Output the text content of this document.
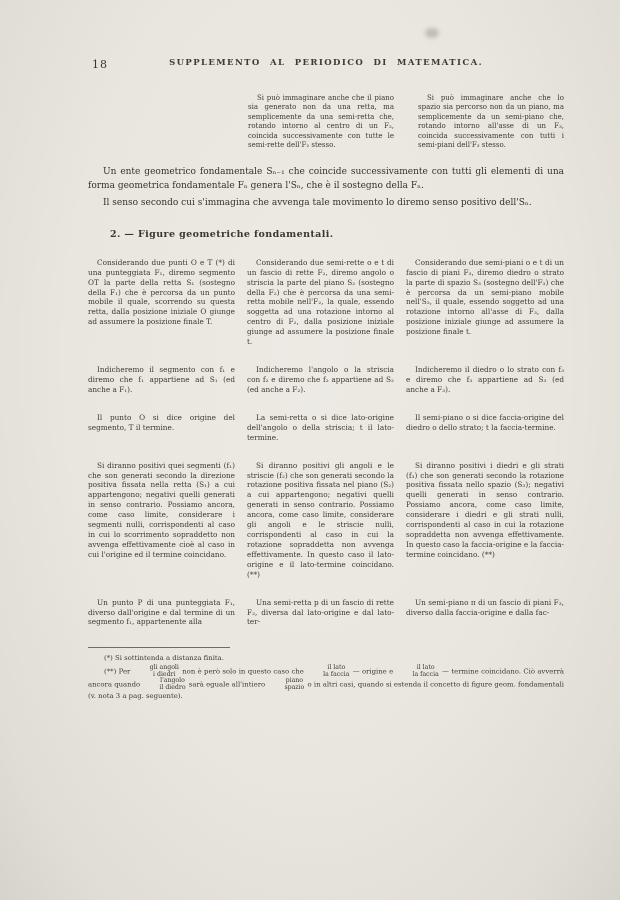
18	SUPPLEMENTO AL PERIODICO DI MATEMATICA.
Si può immaginare anche che il piano sia generato non da una retta, ma semplicemente da una semi-retta che, rotando intorno al centro di un F₂, coincida successivamente con tutte le semi-rette dell'F₂ stesso.
Si può immaginare anche che lo spazio sia percorso non da un piano, ma semplicemente da un semi-piano che, rotando intorno all'asse di un F₃, coincida successivamente con tutti i semi-piani dell'F₃ stesso.

Un ente geometrico fondamentale Sₙ₋₁ che coincide successivamente con tutti gli elementi di una forma geometrica fondamentale Fₙ genera l'Sₙ, che è il sostegno della Fₙ.

Il senso secondo cui s'immagina che avvenga tale movimento lo diremo senso positivo dell'Sₙ.

2. — Figure geometriche fondamentali.
Considerando due punti O e T (*) di una punteggiata F₁, diremo segmento OT la parte della retta S₁ (sostegno della F₁) che è percorsa da un punto mobile il quale, scorrendo su questa retta, dalla posizione iniziale O giunge ad assumere la posizione finale T.
Considerando due semi-rette o e t di un fascio di rette F₂, diremo angolo o striscia la parte del piano S₂ (sostegno della F₂) che è percorsa da una semi-retta mobile nell'F₂, la quale, essendo soggetta ad una rotazione intorno al centro di F₂, dalla posizione iniziale giunge ad assumere la posizione finale t.
Considerando due semi-piani o e t di un fascio di piani F₃, diremo diedro o strato la parte di spazio S₃ (sostegno dell'F₃) che è percorsa da un semi-piano mobile nell'S₃, il quale, essendo soggetto ad una rotazione intorno all'asse di F₃, dalla posizione iniziale giunge ad assumere la posizione finale t.
Indicheremo il segmento con f₁ e diremo che f₁ appartiene ad S₁ (ed anche a F₁).
Indicheremo l'angolo o la striscia con f₂ e diremo che f₂ appartiene ad S₂ (ed anche a F₂).
Indicheremo il diedro o lo strato con f₃ e diremo che f₃ appartiene ad S₃ (ed anche a F₃).
Il punto O si dice origine del segmento, T il termine.
La semi-retta o si dice lato-origine dell'angolo o della striscia; t il lato-termine.
Il semi-piano o si dice faccia-origine del diedro o dello strato; t la faccia-termine.
Si diranno positivi quei segmenti (f₁) che son generati secondo la direzione positiva fissata nella retta (S₁) a cui appartengono; negativi quelli generati in senso contrario. Possiamo ancora, come caso limite, considerare i segmenti nulli, corrispondenti al caso in cui lo scorrimento sopraddetto non avvenga effettivamente cioè al caso in cui l'origine ed il termine coincidano.
Si diranno positivi gli angoli e le striscie (f₂) che son generati secondo la rotazione positiva fissata nel piano (S₂) a cui appartengono; negativi quelli generati in senso contrario. Possiamo ancora, come caso limite, considerare gli angoli e le striscie nulli, corrispondenti al caso in cui la rotazione sopraddetta non avvenga effettivamente. In questo caso il lato-origine e il lato-termine coincidano. (**)
Si diranno positivi i diedri e gli strati (f₃) che son generati secondo la rotazione positiva fissata nello spazio (S₃); negativi quelli generati in senso contrario. Possiamo ancora, come caso limite, considerare i diedri e gli strati nulli, corrispondenti al caso in cui la rotazione sopraddetta non avvenga effettivamente. In questo caso la faccia-origine e la faccia-termine coincidano. (**)
Un punto P di una punteggiata F₁, diverso dall'origine e dal termine di un segmento f₁, appartenente alla
Una semi-retta p di un fascio di rette F₂, diversa dal lato-origine e dal lato-ter-
Un semi-piano π di un fascio di piani F₃, diverso dalla faccia-origine e dalla fac-

(*) Si sottintenda a distanza finita.

(**) Per	gli angoli
i diedri non è però solo in questo caso che	il lato
la faccia — origine e	il lato
la faccia — termine coincidano. Ciò avverrà ancora quando	l'angolo
il diedro sarà eguale all'intiero	piano
spazio o in altri casi, quando si estenda il concetto di figure geom. fondamentali (v. nota 3 a pag. seguente).
